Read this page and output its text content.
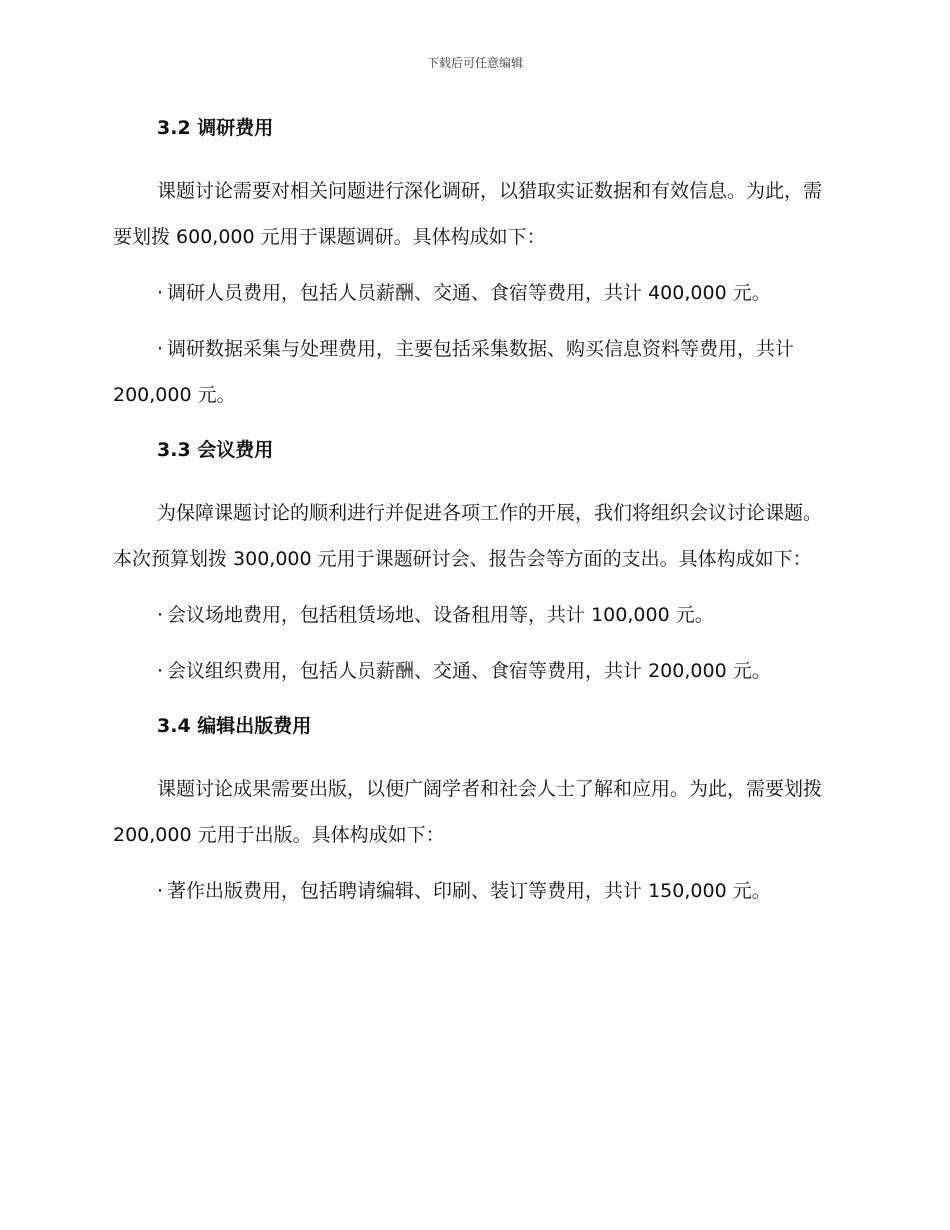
下载后可任意编辑
3.2 调研费用

课题讨论需要对相关问题进行深化调研，以猎取实证数据和有效信息。为此，需要划拨 600,000 元用于课题调研。具体构成如下：

· 调研人员费用，包括人员薪酬、交通、食宿等费用，共计 400,000 元。

· 调研数据采集与处理费用，主要包括采集数据、购买信息资料等费用，共计 200,000 元。

3.3 会议费用

为保障课题讨论的顺利进行并促进各项工作的开展，我们将组织会议讨论课题。本次预算划拨 300,000 元用于课题研讨会、报告会等方面的支出。具体构成如下：

· 会议场地费用，包括租赁场地、设备租用等，共计 100,000 元。

· 会议组织费用，包括人员薪酬、交通、食宿等费用，共计 200,000 元。

3.4 编辑出版费用

课题讨论成果需要出版，以便广阔学者和社会人士了解和应用。为此，需要划拨 200,000 元用于出版。具体构成如下：

· 著作出版费用，包括聘请编辑、印刷、装订等费用，共计 150,000 元。
